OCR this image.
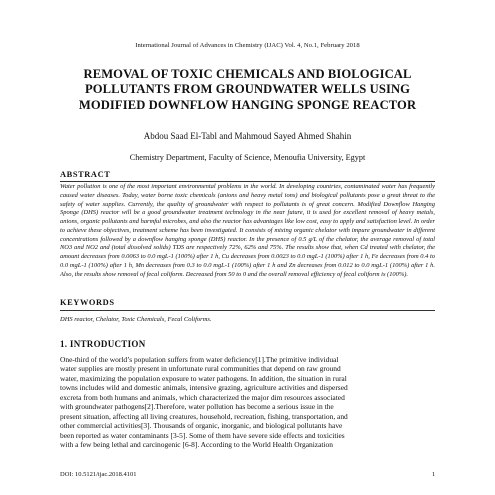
International Journal of Advances in Chemistry (IJAC) Vol. 4, No.1, February 2018
REMOVAL OF TOXIC CHEMICALS AND BIOLOGICAL POLLUTANTS FROM GROUNDWATER WELLS USING MODIFIED DOWNFLOW HANGING SPONGE REACTOR
Abdou Saad El-Tabl and Mahmoud Sayed Ahmed Shahin
Chemistry Department, Faculty of Science, Menoufia University, Egypt
ABSTRACT

Water pollution is one of the most important environmental problems in the world. In developing countries, contaminated water has frequently caused water diseases. Today, water borne toxic chemicals (anions and heavy metal ions) and biological pollutants pose a great threat to the safety of water supplies. Currently, the quality of groundwater with respect to pollutants is of great concern. Modified Downflow Hanging Sponge (DHS) reactor will be a good groundwater treatment technology in the near future, it is used for excellent removal of heavy metals, anions, organic pollutants and harmful microbes, and also the reactor has advantages like low cost, easy to apply and satisfaction level. In order to achieve these objectives, treatment scheme has been investigated. It consists of mixing organic chelator with impure groundwater in different concentrations followed by a downflow hanging sponge (DHS) reactor. In the presence of 0.5 g/L of the chelator, the average removal of total NO3 and NO2 and (total dissolved solids) TDS are respectively 72%, 62% and 75%. The results show that, when Cd treated with chelator, the amount decreases from 0.0063 to 0.0 mgL-1 (100%) after 1 h, Cu decreases from 0.0023 to 0.0 mgL-1 (100%) after 1 h, Fe decreases from 0.4 to 0.0 mgL-1 (100%) after 1 h, Mn decreases from 0.3 to 0.0 mgL-1 (100%) after 1 h and Zn decreases from 0.012 to 0.0 mgL-1 (100%) after 1 h. Also, the results show removal of fecal coliform. Decreased from 50 to 0 and the overall removal efficiency of fecal coliform is (100%).

KEYWORDS
DHS reactor, Chelator, Toxic Chemicals, Fecal Coliforms.
1. INTRODUCTION

One-third of the world’s population suffers from water deficiency[1].The primitive individual
water supplies are mostly present in unfortunate rural communities that depend on raw ground
water, maximizing the population exposure to water pathogens. In addition, the situation in rural
towns includes wild and domestic animals, intensive grazing, agriculture activities and dispersed
excreta from both humans and animals, which characterized the major dim resources associated
with groundwater pathogens[2].Therefore, water pollution has become a serious issue in the
present situation, affecting all living creatures, household, recreation, fishing, transportation, and
other commercial activities[3]. Thousands of organic, inorganic, and biological pollutants have
been reported as water contaminants [3-5]. Some of them have severe side effects and toxicities
with a few being lethal and carcinogenic [6-8]. According to the World Health Organization

DOI: 10.5121/ijac.2018.4101	1
